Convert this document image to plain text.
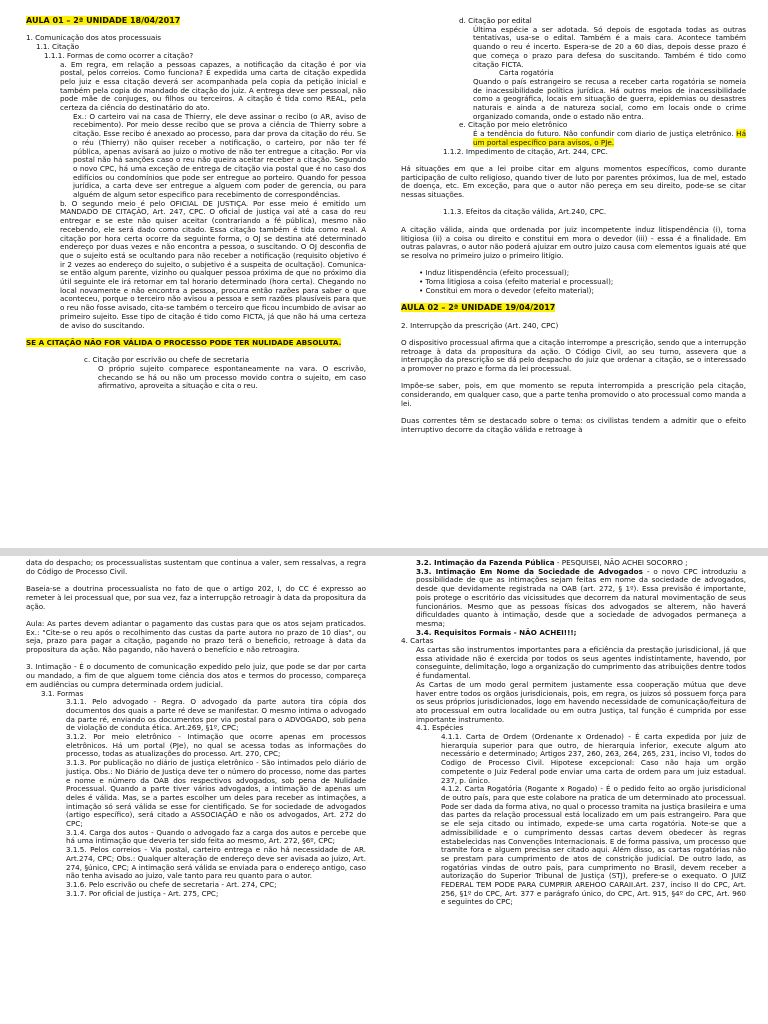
AULA 01 – 2ª UNIDADE 18/04/2017

1. Comunicação dos atos processuais

1.1. Citação

1.1.1. Formas de como ocorrer a citação?

a. Em regra, em relação a pessoas capazes, a notificação da citação é por via postal, pelos correios. Como funciona? É expedida uma carta de citação expedida pelo juiz e essa citação deverá ser acompanhada pela copia da petição inicial e também pela copia do mandado de citação do juiz. A entrega deve ser pessoal, não pode mãe de conjuges, ou filhos ou terceiros. A citação é tida como REAL, pela certeza da ciência do destinatário do ato.

Ex.: O carteiro vai na casa de Thierry, ele deve assinar o recibo (o AR, aviso de recebimento). Por meio desse recibo que se prova a ciência de Thierry sobre a citação. Esse recibo é anexado ao processo, para dar prova da citação do réu. Se o réu (Thierry) não quiser receber a notificação, o carteiro, por não ter fé pública, apenas avisará ao juizo o motivo de não ter entregue a citação. Por via postal não há sanções caso o reu não queira aceitar receber a citação. Segundo o novo CPC, há uma exceção de entrega de citação via postal que é no caso dos edifícios ou condomínios que pode ser entregue ao porteiro. Quando for pessoa jurídica, a carta deve ser entregue a alguem com poder de gerencia, ou para alguém de algum setor especifico para recebimento de correspondências.

b. O segundo meio é pelo OFICIAL DE JUSTIÇA. Por esse meio é emitido um MANDADO DE CITAÇÃO, Art. 247, CPC. O oficial de justiça vai até a casa do reu entregar e se este não quiser aceitar (contrariando a fé pública), mesmo não recebendo, ele será dado como citado. Essa citação também é tida como real. A citação por hora certa ocorre da seguinte forma, o OJ se destina até determinado endereço por duas vezes e não encontra a pessoa, o suscitando. O OJ desconfia de que o sujeito está se ocultando para não receber a notificação (requisito objetivo é ir 2 vezes ao endereço do sujeito, o subjetivo é a suspeita de ocultação). Comunica-se então algum parente, vizinho ou qualquer pessoa próxima de que no próximo dia útil seguinte ele irá retornar em tal horario determinado (hora certa). Chegando no local novamente e não encontra a pessoa, procura então razões para saber o que aconteceu, porque o terceiro não avisou a pessoa e sem razões plausíveis para que o reu não fosse avisado, cita-se também o terceiro que ficou incumbido de avisar ao primeiro sujeito. Esse tipo de citação é tido como FICTA, já que não há uma certeza de aviso do suscitando.

SE A CITAÇÃO NÃO FOR VÁLIDA O PROCESSO PODE TER NULIDADE ABSOLUTA.

c. Citação por escrivão ou chefe de secretaria

O próprio sujeito comparece espontaneamente na vara. O escrivão, checando se há ou não um processo movido contra o sujeito, em caso afirmativo, aproveita a situação e cita o reu.

d. Citação por edital

Última espécie a ser adotada. Só depois de esgotada todas as outras tentativas, usa-se o edital. Também é a mais cara. Acontece também quando o reu é incerto. Espera-se de 20 a 60 dias, depois desse prazo é que começa o prazo para defesa do suscitando. Também é tido como citação FICTA.

Carta rogatória

Quando o país estrangeiro se recusa a receber carta rogatória se nomeia de inacessibilidade política jurídica. Há outros meios de inacessibilidade como a geográfica, locais em situação de guerra, epidemias ou desastres naturais e ainda a de natureza social, como em locais onde o crime organizado comanda, onde o estado não entra.

e. Citação por meio eletrônico

É a tendência do futuro. Não confundir com diario de justiça eletrônico. Há um portal específico para avisos, o PJe.

1.1.2. Impedimento de citação, Art. 244, CPC.

Há situações em que a lei proibe citar em alguns momentos específicos, como durante participação de culto religioso, quando tiver de luto por parentes próximos, lua de mel, estado de doença, etc. Em exceção, para que o autor não pereça em seu direito, pode-se se citar nessas situações.

1.1.3. Efeitos da citação válida, Art.240, CPC.

A citação válida, ainda que ordenada por juiz incompetente induz litispendência (i), torna litigiosa (ii) a coisa ou direito e constitui em mora o devedor (iii) - essa é a finalidade. Em outras palavras, o autor não poderá ajuizar em outro juizo causa com elementos iguais até que se resolva no primeiro juizo o primeiro litígio.

• Induz litispendência (efeito processual);
• Torna litigiosa a coisa (efeito material e processual);
• Constitui em mora o devedor (efeito material);

AULA 02 – 2ª UNIDADE 19/04/2017

2. Interrupção da prescrição (Art. 240, CPC)

O dispositivo processual afirma que a citação interrompe a prescrição, sendo que a interrupção retroage à data da propositura da ação. O Código Civil, ao seu turno, assevera que a interrupção da prescrição se dá pelo despacho do juiz que ordenar a citação, se o interessado a promover no prazo e forma da lei processual.

Impõe-se saber, pois, em que momento se reputa interrompida a prescrição pela citação, considerando, em qualquer caso, que a parte tenha promovido o ato processual como manda a lei.

Duas correntes têm se destacado sobre o tema: os civilistas tendem a admitir que o efeito interruptivo decorre da citação válida e retroage à

data do despacho; os processualistas sustentam que continua a valer, sem ressalvas, a regra do Código de Processo Civil.

Baseia-se a doutrina processualista no fato de que o artigo 202, I, do CC é expresso ao remeter à lei processual que, por sua vez, faz a interrupção retroagir à data da propositura da ação.

Aula: As partes devem adiantar o pagamento das custas para que os atos sejam praticados. Ex.: "Cite-se o reu após o recolhimento das custas da parte autora no prazo de 10 dias", ou seja, prazo para pagar a citação, pagando no prazo terá o beneficio, retroage à data da propositura da ação. Não pagando, não haverá o benefício e não retroagira.

3. Intimação - É o documento de comunicação expedido pelo juiz, que pode se dar por carta ou mandado, a fim de que alguem tome ciência dos atos e termos do processo, compareça em audiências ou cumpra determinada ordem judicial.

3.1. Formas

3.1.1. Pelo advogado - Regra. O advogado da parte autora tira cópia dos documentos dos quais a parte ré deve se manifestar. O mesmo intima o advogado da parte ré, enviando os documentos por via postal para o ADVOGADO, sob pena de violação de conduta ética. Art.269, §1º, CPC;

3.1.2. Por meio eletrônico - Intimação que ocorre apenas em processos eletrônicos. Há um portal (PJe), no qual se acessa todas as informações do processo, todas as atualizações do processo. Art. 270, CPC;

3.1.3. Por publicação no diário de justiça eletrônico - São intimados pelo diário de justiça. Obs.: No Diário de Justiça deve ter o número do processo, nome das partes e nome e número da OAB dos respectivos advogados, sob pena de Nulidade Processual. Quando a parte tiver vários advogados, a intimação de apenas um deles é válida. Mas, se a partes escolher um deles para receber as intimações, a intimação só será válida se esse for cientificado. Se for sociedade de advogados (artigo específico), será citado a ASSOCIAÇÃO e não os advogados, Art. 272 do CPC;

3.1.4. Carga dos autos - Quando o advogado faz a carga dos autos e percebe que há uma intimação que deveria ter sido feita ao mesmo, Art. 272, §6º, CPC;

3.1.5. Pelos correios - Via postal, carteiro entrega e não há necessidade de AR. Art.274, CPC; Obs.: Qualquer alteração de endereço deve ser avisada ao juizo, Art. 274, §único, CPC; A intimação será válida se enviada para o endereço antigo, caso não tenha avisado ao juizo, vale tanto para reu quanto para o autor.

3.1.6. Pelo escrivão ou chefe de secretaria - Art. 274, CPC;

3.1.7. Por oficial de justiça - Art. 275, CPC;

3.2. Intimação da Fazenda Pública - PESQUISEI, NÃO ACHEI SOCORRO ;

3.3. Intimação Em Nome da Sociedade de Advogados - o novo CPC introduziu a possibilidade de que as intimações sejam feitas em nome da sociedade de advogados, desde que devidamente registrada na OAB (art. 272, § 1º). Essa previsão é importante, pois protege o escritório das vicissitudes que decorrem da natural movimentação de seus funcionários. Mesmo que as pessoas físicas dos advogados se alterem, não haverá dificuldades quanto à intimação, desde que a sociedade de advogados permaneça a mesma;

3.4. Requisitos Formais - NÃO ACHEI!!!;

4. Cartas

As cartas são instrumentos importantes para a eficiência da prestação jurisdicional, já que essa atividade não é exercida por todos os seus agentes indistintamente, havendo, por conseguinte, delimitação, logo a organização do cumprimento das atribuições dentre todos é fundamental.

As Cartas de um modo geral permitem justamente essa cooperação mútua que deve haver entre todos os orgãos jurisdicionais, pois, em regra, os juizos só possuem força para os seus próprios jurisdicionados, logo em havendo necessidade de comunicação/feitura de ato processual em outra localidade ou em outra Justiça, tal função é cumprida por esse importante instrumento.

4.1. Espécies

4.1.1. Carta de Ordem (Ordenante x Ordenado) - É carta expedida por juiz de hierarquia superior para que outro, de hierarquia inferior, execute algum ato necessário e determinado; Artigos 237, 260, 263, 264, 265, 231, inciso VI, todos do Codigo de Processo Civil. Hipotese excepcional: Caso não haja um orgão competente o Juiz Federal pode enviar uma carta de ordem para um juiz estadual. 237, p. único.

4.1.2. Carta Rogatória (Rogante x Rogado) - É o pedido feito ao orgão jurisdicional de outro país, para que este colabore na pratica de um determinado ato processual. Pode ser dada da forma ativa, no qual o processo tramita na justiça brasileira e uma das partes da relação processual está localizado em um pais estrangeiro. Para que se ele seja citado ou intimado, expede-se uma carta rogatória. Note-se que a admissibilidade e o cumprimento dessas cartas devem obedecer às regras estabelecidas nas Convenções Internacionais. E de forma passiva, um processo que tramite fora e alguem precisa ser citado aqui. Além disso, as cartas rogatórias não se prestam para cumprimento de atos de constrição judicial. De outro lado, as rogatórias vindas de outro país, para cumprimento no Brasil, devem receber a autorização do Superior Tribunal de Justiça (STJ), prefere-se o exequato. O JUIZ FEDERAL TEM PODE PARA CUMPRIR AREHOO CARAII.Art. 237, inciso II do CPC, Art. 256, §1º do CPC, Art. 377 e parágrafo único, do CPC, Art. 915, §4º do CPC, Art. 960 e seguintes do CPC;
